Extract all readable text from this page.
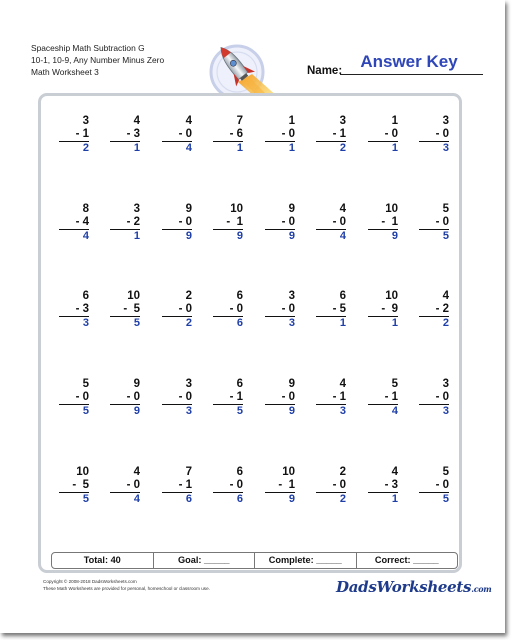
Spaceship Math Subtraction G
10-1, 10-9, Any Number Minus Zero
Math Worksheet 3
Answer Key
Name:
3
- 1
2
4
- 3
1
4
- 0
4
7
- 6
1
1
- 0
1
3
- 1
2
1
- 0
1
3
- 0
3
8
- 4
4
3
- 2
1
9
- 0
9
10
-  1
9
9
- 0
9
4
- 0
4
10
-  1
9
5
- 0
5
6
- 3
3
10
-  5
5
2
- 0
2
6
- 0
6
3
- 0
3
6
- 5
1
10
-  9
1
4
- 2
2
5
- 0
5
9
- 0
9
3
- 0
3
6
- 1
5
9
- 0
9
4
- 1
3
5
- 1
4
3
- 0
3
10
-  5
5
4
- 0
4
7
- 1
6
6
- 0
6
10
-  1
9
2
- 0
2
4
- 3
1
5
- 0
5
Total: 40	Goal: _____	Complete: _____	Correct: _____
Copyright © 2008-2018 DadsWorksheets.com
These Math Worksheets are provided for personal, homeschool or classroom use.	DadsWorksheets.com
